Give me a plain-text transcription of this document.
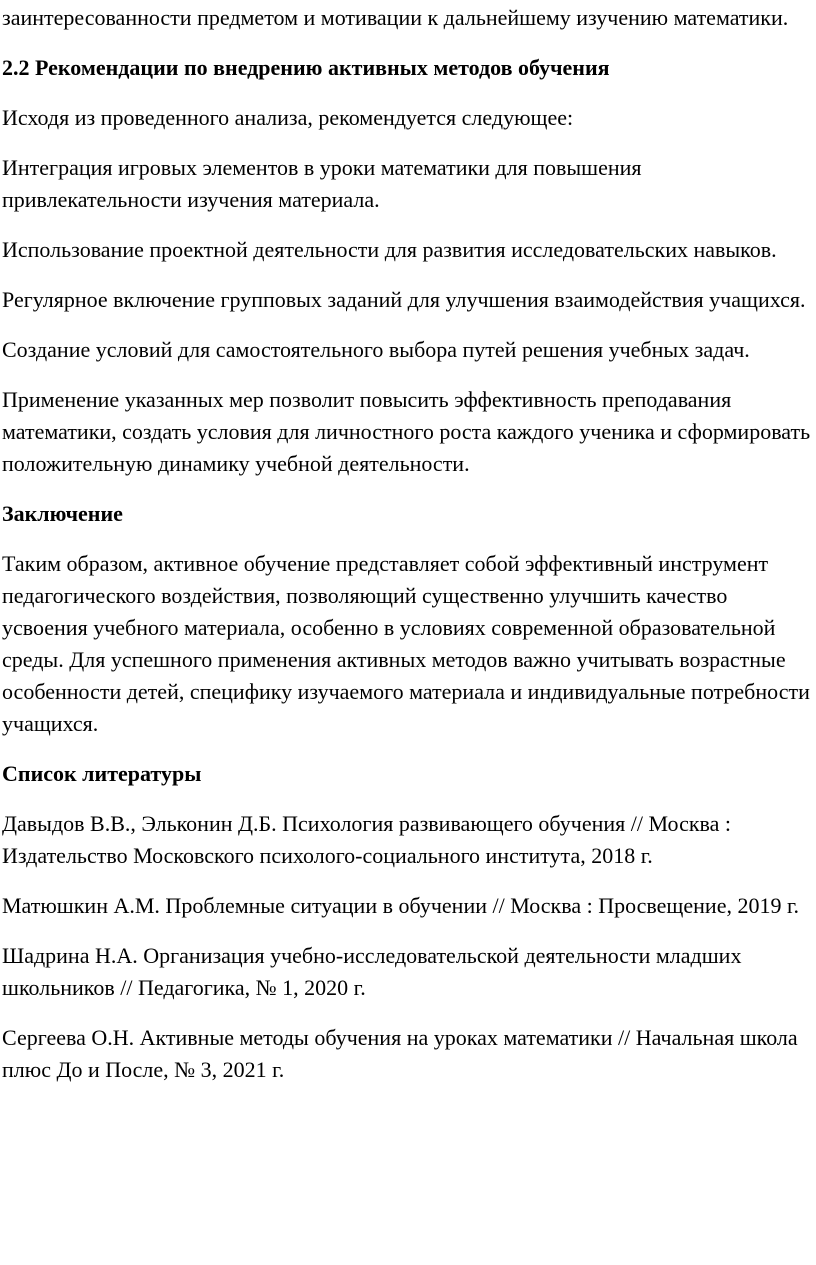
заинтересованности предметом и мотивации к дальнейшему изучению математики.

2.2 Рекомендации по внедрению активных методов обучения

Исходя из проведенного анализа, рекомендуется следующее:

Интеграция игровых элементов в уроки математики для повышения привлекательности изучения материала.

Использование проектной деятельности для развития исследовательских навыков.

Регулярное включение групповых заданий для улучшения взаимодействия учащихся.

Создание условий для самостоятельного выбора путей решения учебных задач.

Применение указанных мер позволит повысить эффективность преподавания математики, создать условия для личностного роста каждого ученика и сформировать положительную динамику учебной деятельности.

Заключение

Таким образом, активное обучение представляет собой эффективный инструмент педагогического воздействия, позволяющий существенно улучшить качество усвоения учебного материала, особенно в условиях современной образовательной среды. Для успешного применения активных методов важно учитывать возрастные особенности детей, специфику изучаемого материала и индивидуальные потребности учащихся.

Список литературы

Давыдов В.В., Эльконин Д.Б. Психология развивающего обучения // Москва : Издательство Московского психолого-социального института, 2018 г.

Матюшкин А.М. Проблемные ситуации в обучении // Москва : Просвещение, 2019 г.

Шадрина Н.А. Организация учебно-исследовательской деятельности младших школьников // Педагогика, № 1, 2020 г.

Сергеева О.Н. Активные методы обучения на уроках математики // Начальная школа плюс До и После, № 3, 2021 г.
